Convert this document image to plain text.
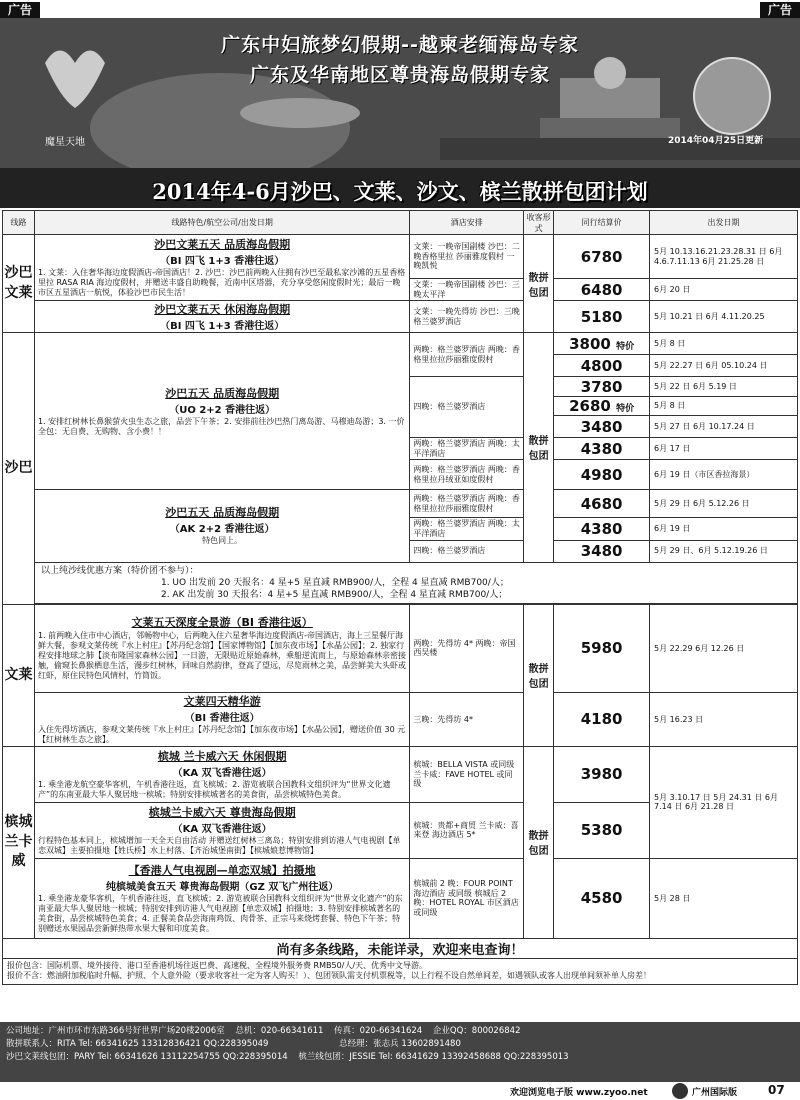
广告	广告
魔星天地
广东中妇旅梦幻假期--越柬老缅海岛专家
广东及华南地区尊贵海岛假期专家
2014年04月25日更新
2014年4-6月沙巴、文莱、沙文、槟兰散拼包团计划
线路	线路特色/航空公司/出发日期	酒店安排	收客形式	同行结算价	出发日期
沙巴文莱	沙巴文莱五天 品质海岛假期
（BI 四飞 1+3 香港往返）
1. 文莱：入住奢华海边度假酒店-帝国酒店！2. 沙巴：沙巴前两晚入住拥有沙巴至最私家沙滩的五星香格里拉 RASA RIA 海边度假村，并赠送丰盛自助晚餐，近南中区塔器，充分享受悠闲度假时光；最后一晚市区五星酒店一航悦，体验沙巴市民生活！	文莱：一晚帝国副楼 沙巴：二晚香格里拉 莎丽雅度假村 一晚凯悦	散拼包团	6780	5月 10.13.16.21.23.28.31 日 6月 4.6.7.11.13 6月 21.25.28 日
		文莱：一晚帝国副楼 沙巴：三晚太平洋		6480	6月 20 日

	沙巴文莱五天 休闲海岛假期
（BI 四飞 1+3 香港往返）	文莱：一晚先得坊 沙巴：三晚格兰婆罗酒店		5180	5月 10.21 日 6月 4.11.20.25
沙巴	沙巴五天 品质海岛假期
（UO 2+2 香港往返）
1. 安排红树林长鼻猴萤火虫生态之旅，品尝下午茶；2. 安排前往沙巴热门离岛游、马穆迪岛游；3. 一价全包：无自费、无购物、含小费！！	两晚：格兰婆罗酒店 两晚：香格里拉拉莎丽雅度假村	散拼包团	3800 特价	5月 8 日
				4800	5月 22.27 日 6月 05.10.24 日
		四晚：格兰婆罗酒店		3780	5月 22 日 6月 5.19 日
				2680 特价	5月 8 日
				3480	5月 27 日 6月 10.17.24 日
		两晚：格兰婆罗酒店 两晚：太平洋酒店		4380	6月 17 日
		两晚：格兰婆罗酒店 两晚：香格里拉丹绒亚如度假村		4980	6月 19 日（市区香拉海景）

	沙巴五天 品质海岛假期
（AK 2+2 香港往返）
特色同上。	两晚：格兰婆罗酒店 两晚：香格里拉拉莎丽雅度假村		4680	5月 29 日 6月 5.12.26 日
		两晚：格兰婆罗酒店 两晚：太平洋酒店		4380	6月 19 日
		四晚：格兰婆罗酒店		3480	5月 29 日、6月 5.12.19.26 日

	以上纯沙线优惠方案（特价团不参与）：
1. UO 出发前 20 天报名：4 星+5 星直减 RMB900/人，全程 4 星直减 RMB700/人；
2. AK 出发前 30 天报名：4 星+5 星直减 RMB900/人，全程 4 星直减 RMB700/人；				

文莱	文莱五天深度全景游（BI 香港往返）
1. 前两晚入住市中心酒店，邻畅物中心，后两晚入住六星奢华海边度假酒店-帝国酒店，海上三星餐厅海鲜大餐，参观文莱传统『水上村庄』【苏丹纪念馆】【国家博物馆】【加东夜市场】【水晶公园】；2. 独家行程安排地球之肺【淡布隆国家森林公园】一日游，无限贴近原始森林，乘船逆流而上，与原始森林亲密接触，偷窥长鼻猴栖息生活，漫步红树林，回味自然韵律，登高了望远，尽览雨林之美，品尝鲜美大头虾或红虾，原住民特色风情村，竹筒饭。	两晚：先得坊 4* 两晚：帝国西吴楼	散拼包团	5980	5月 22.29 6月 12.26 日

	文莱四天精华游
（BI 香港往返）
入住先得坊酒店，参观文莱传统『水上村庄』【苏丹纪念馆】【加东夜市场】【水晶公园】，赠送价值 30 元【红树林生态之旅】。	三晚：先得坊 4*		4180	5月 16.23 日
槟城兰卡威	槟城 兰卡威六天 休闲假期
（KA 双飞香港往返）
1. 乘坐港龙航空豪华客机，午机香港往返，直飞槟城；2. 游览被联合国教科文组织评为“世界文化遗产”的东南亚最大华人聚居地一槟城；特别安排槟城著名的美食街，品尝槟城特色美食。	槟城：BELLA VISTA 或同级 兰卡威：FAVE HOTEL 或同级	散拼包团	3980	5月 3.10.17 日 5月 24.31 日 6月 7.14 日 6月 21.28 日

	槟城兰卡威六天 尊贵海岛假期
（KA 双飞香港往返）
行程特色基本同上，槟城增加一天全天自由活动 并赠送红树林三离岛；特别安排到访港人气电视剧【单恋双城】主要拍摄地【姓氏桥】水上村落、【齐治城堡南街】【槟城娘惹博物馆】	槟城：贵都+商贸 兰卡威：喜来登 海边酒店 5*		5380	

	【香港人气电视剧—单恋双城】拍摄地
纯槟城美食五天 尊贵海岛假期（GZ 双飞广州往返）
1. 乘坐港龙豪华客机，午机香港往返，直飞槟城；2. 游览被联合国教科文组织评为“世界文化遗产”的东南亚最大华人聚居地一槟城；特别安排到访港人气电视剧【单恋双城】拍摄地；3. 特别安排槟城著名的美食街，品尝槟城特色美食；4. 正餐美食品尝海南鸡饭、肉骨茶、正宗马来烧烤套餐、特色下午茶；特别赠送水果园品尝新鲜热带水果大餐和印度美食。	槟城前 2 晚：FOUR POINT 海边酒店 或同级 槟城后 2 晚：HOTEL ROYAL 市区酒店 或同级		4580	5月 28 日
尚有多条线路，未能详录，欢迎来电查询！					

报价包含：国际机票、境外接待、港口至香港机场往返巴费、高速税、全程境外服务费 RMB50/人/天、优秀中文导游。
报价不含：燃油附加税临时升幅、护照、个人意外险（要求收客社一定为客人购买！）、包团领队需支付机票税等，以上行程不设自然单间差，如遇领队或客人出现单间须补单人房差！					
公司地址：广州市环市东路366号好世界广场20楼2006室 总机：020-66341611 传真：020-66341624 企业QQ：800026842
散拼联系人：RITA Tel: 66341625 13312836421 QQ:228395049	总经理：张志兵 13602891480
沙巴文莱线包团：PARY Tel: 66341626 13112254755 QQ:228395014 槟兰线包团：JESSIE Tel: 66341629 13392458688 QQ:228395013
欢迎浏览电子版 www.zyoo.net	广州国际版	07
